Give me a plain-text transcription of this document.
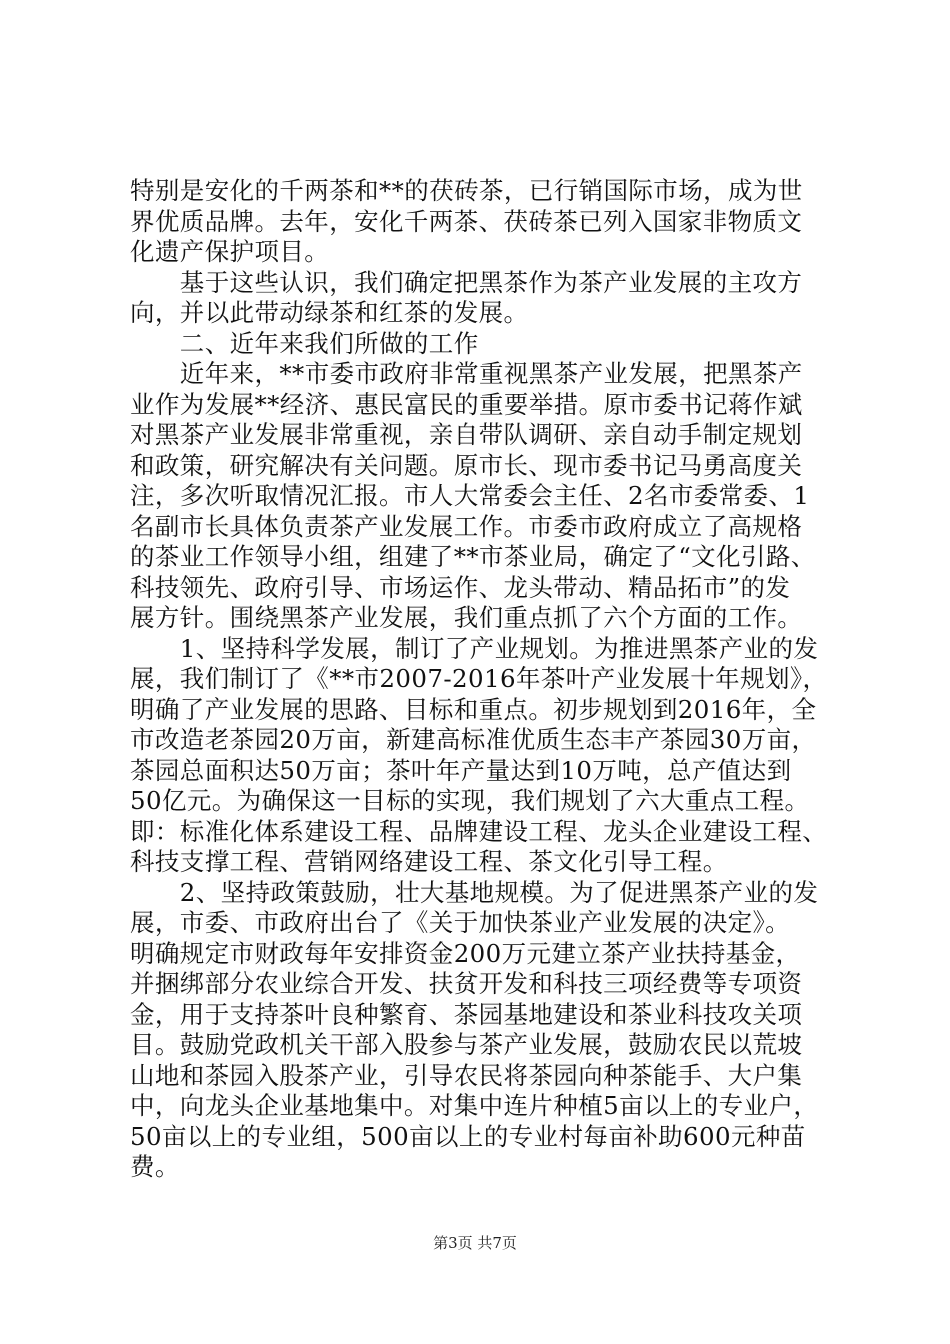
特别是安化的千两茶和**的茯砖茶，已行销国际市场，成为世
界优质品牌。去年，安化千两茶、茯砖茶已列入国家非物质文
化遗产保护项目。
　　基于这些认识，我们确定把黑茶作为茶产业发展的主攻方
向，并以此带动绿茶和红茶的发展。
　　二、近年来我们所做的工作
　　近年来，**市委市政府非常重视黑茶产业发展，把黑茶产
业作为发展**经济、惠民富民的重要举措。原市委书记蒋作斌
对黑茶产业发展非常重视，亲自带队调研、亲自动手制定规划
和政策，研究解决有关问题。原市长、现市委书记马勇高度关
注，多次听取情况汇报。市人大常委会主任、2名市委常委、1
名副市长具体负责茶产业发展工作。市委市政府成立了高规格
的茶业工作领导小组，组建了**市茶业局，确定了“文化引路、
科技领先、政府引导、市场运作、龙头带动、精品拓市”的发
展方针。围绕黑茶产业发展，我们重点抓了六个方面的工作。
　　1、坚持科学发展，制订了产业规划。为推进黑茶产业的发
展，我们制订了《**市2007-2016年茶叶产业发展十年规划》，
明确了产业发展的思路、目标和重点。初步规划到2016年，全
市改造老茶园20万亩，新建高标准优质生态丰产茶园30万亩，
茶园总面积达50万亩；茶叶年产量达到10万吨，总产值达到
50亿元。为确保这一目标的实现，我们规划了六大重点工程。
即：标准化体系建设工程、品牌建设工程、龙头企业建设工程、
科技支撑工程、营销网络建设工程、茶文化引导工程。
　　2、坚持政策鼓励，壮大基地规模。为了促进黑茶产业的发
展，市委、市政府出台了《关于加快茶业产业发展的决定》。
明确规定市财政每年安排资金200万元建立茶产业扶持基金，
并捆绑部分农业综合开发、扶贫开发和科技三项经费等专项资
金，用于支持茶叶良种繁育、茶园基地建设和茶业科技攻关项
目。鼓励党政机关干部入股参与茶产业发展，鼓励农民以荒坡
山地和茶园入股茶产业，引导农民将茶园向种茶能手、大户集
中，向龙头企业基地集中。对集中连片种植5亩以上的专业户，
50亩以上的专业组，500亩以上的专业村每亩补助600元种苗
费。
第3页 共7页
